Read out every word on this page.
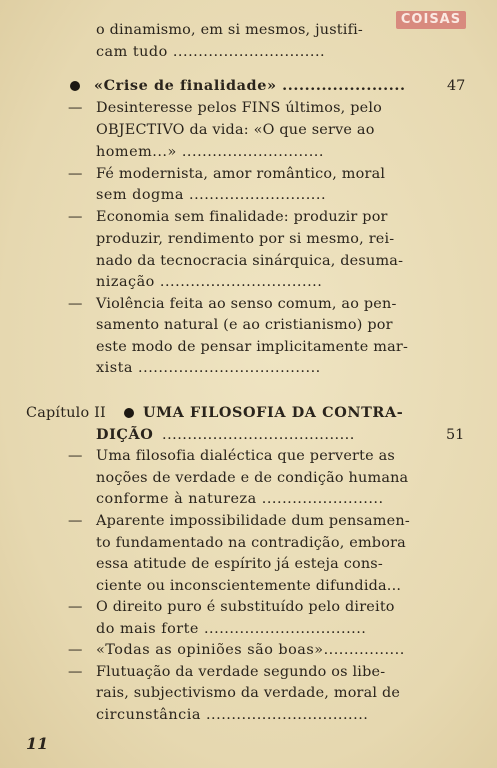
COISAS
o dinamismo, em si mesmos, justifi-
cam tudo ..............................
«Crise de finalidade» ......................	47
— Desinteresse pelos FINS últimos, pelo
OBJECTIVO da vida: «O que serve ao
homem...» ............................
— Fé modernista, amor romântico, moral
sem dogma ...........................
— Economia sem finalidade: produzir por
produzir, rendimento por si mesmo, rei-
nado da tecnocracia sinárquica, desuma-
nização ................................
— Violência feita ao senso comum, ao pen-
samento natural (e ao cristianismo) por
este modo de pensar implicitamente mar-
xista ....................................
Capítulo II	UMA FILOSOFIA DA CONTRA-
DIÇÃO ......................................	51
— Uma filosofia dialéctica que perverte as
noções de verdade e de condição humana
conforme à natureza ........................
— Aparente impossibilidade dum pensamen-
to fundamentado na contradição, embora
essa atitude de espírito já esteja cons-
ciente ou inconscientemente difundida...
— O direito puro é substituído pelo direito
do mais forte ................................
— «Todas as opiniões são boas»................
— Flutuação da verdade segundo os libe-
rais, subjectivismo da verdade, moral de
circunstância ................................
11
